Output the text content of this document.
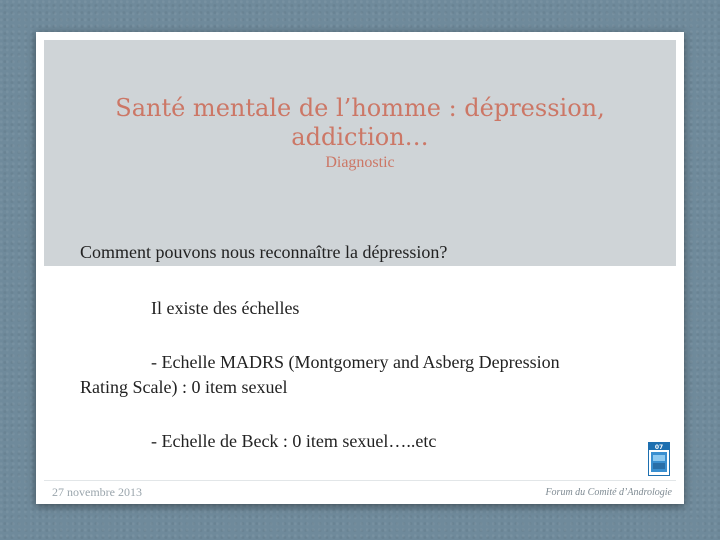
Santé mentale de l’homme : dépression, addiction…
Diagnostic
Comment pouvons nous reconnaître la dépression?
Il existe des échelles
- Echelle MADRS (Montgomery and Asberg Depression
Rating Scale) : 0 item sexuel
- Echelle de Beck : 0 item sexuel…..etc	07
27 novembre 2013	Forum du Comité d’Andrologie
